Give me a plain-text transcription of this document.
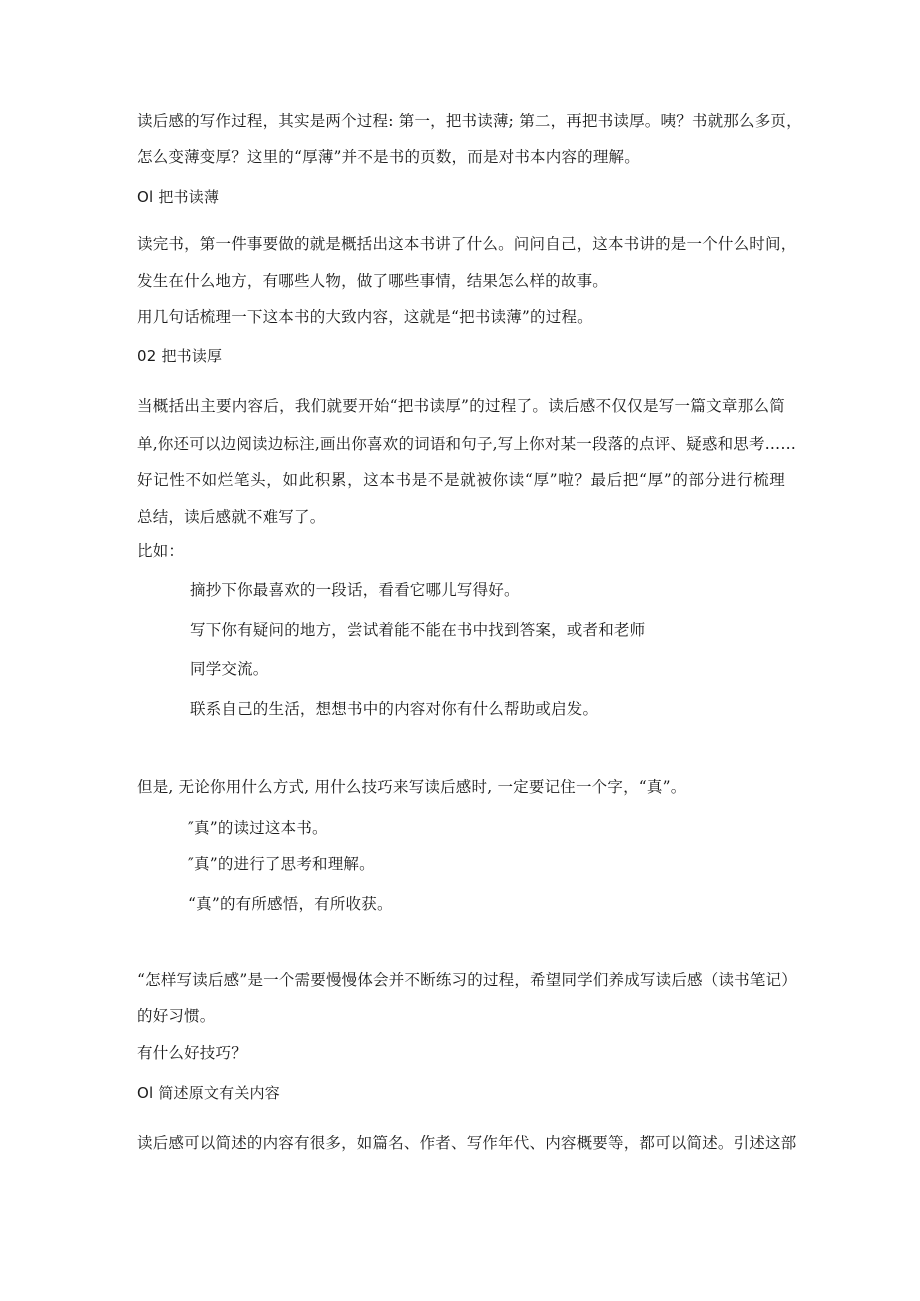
读后感的写作过程，其实是两个过程: 第一，把书读薄; 第二，再把书读厚。咦？书就那么多页，

怎么变薄变厚？这里的“厚薄”并不是书的页数，而是对书本内容的理解。

Ol 把书读薄

读完书，第一件事要做的就是概括出这本书讲了什么。问问自己，这本书讲的是一个什么时间，

发生在什么地方，有哪些人物，做了哪些事情，结果怎么样的故事。

用几句话梳理一下这本书的大致内容，这就是“把书读薄”的过程。

02 把书读厚

当概括出主要内容后，我们就要开始“把书读厚”的过程了。读后感不仅仅是写一篇文章那么简

单,你还可以边阅读边标注,画出你喜欢的词语和句子,写上你对某一段落的点评、疑惑和思考……

好记性不如烂笔头，如此积累，这本书是不是就被你读“厚”啦？最后把“厚”的部分进行梳理

总结，读后感就不难写了。

比如：

摘抄下你最喜欢的一段话，看看它哪儿写得好。

写下你有疑问的地方，尝试着能不能在书中找到答案，或者和老师

同学交流。

联系自己的生活，想想书中的内容对你有什么帮助或启发。

但是, 无论你用什么方式, 用什么技巧来写读后感时, 一定要记住一个字，“真”。

″真”的读过这本书。

″真”的进行了思考和理解。

“真”的有所感悟，有所收获。

“怎样写读后感”是一个需要慢慢体会并不断练习的过程，希望同学们养成写读后感（读书笔记）

的好习惯。

有什么好技巧？

Ol 简述原文有关内容

读后感可以简述的内容有很多，如篇名、作者、写作年代、内容概要等，都可以简述。引述这部
